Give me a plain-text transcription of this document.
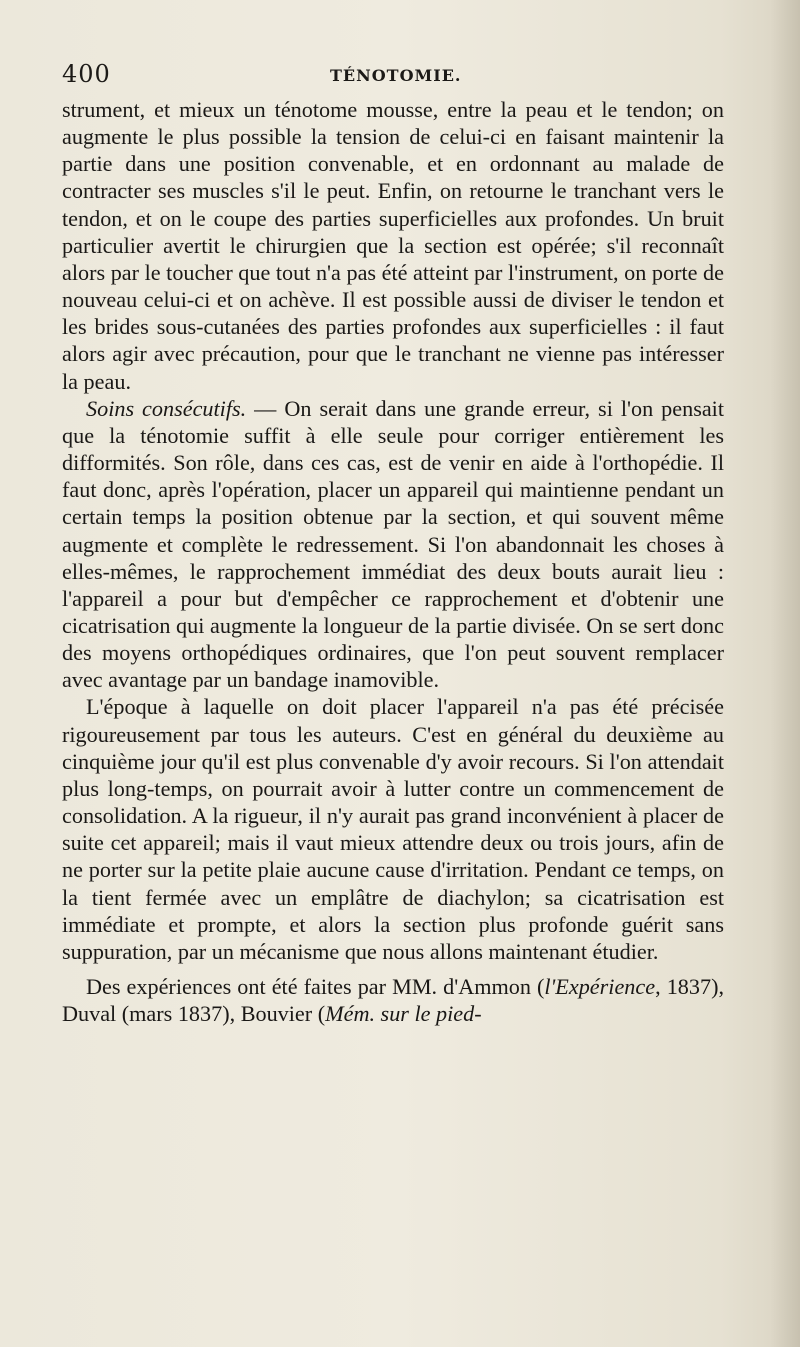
400	TÉNOTOMIE.

strument, et mieux un ténotome mousse, entre la peau et le tendon; on augmente le plus possible la tension de celui-ci en faisant maintenir la partie dans une position convenable, et en ordonnant au malade de contracter ses muscles s'il le peut. Enfin, on retourne le tranchant vers le tendon, et on le coupe des parties superficielles aux profondes. Un bruit particulier avertit le chirurgien que la section est opérée; s'il reconnaît alors par le toucher que tout n'a pas été atteint par l'instrument, on porte de nouveau celui-ci et on achève. Il est possible aussi de diviser le tendon et les brides sous-cutanées des parties profondes aux superficielles : il faut alors agir avec précaution, pour que le tranchant ne vienne pas intéresser la peau.

Soins consécutifs. — On serait dans une grande erreur, si l'on pensait que la ténotomie suffit à elle seule pour corriger entièrement les difformités. Son rôle, dans ces cas, est de venir en aide à l'orthopédie. Il faut donc, après l'opération, placer un appareil qui maintienne pendant un certain temps la position obtenue par la section, et qui souvent même augmente et complète le redressement. Si l'on abandonnait les choses à elles-mêmes, le rapprochement immédiat des deux bouts aurait lieu : l'appareil a pour but d'empêcher ce rapprochement et d'obtenir une cicatrisation qui augmente la longueur de la partie divisée. On se sert donc des moyens orthopédiques ordinaires, que l'on peut souvent remplacer avec avantage par un bandage inamovible.

L'époque à laquelle on doit placer l'appareil n'a pas été précisée rigoureusement par tous les auteurs. C'est en général du deuxième au cinquième jour qu'il est plus convenable d'y avoir recours. Si l'on attendait plus long-temps, on pourrait avoir à lutter contre un commencement de consolidation. A la rigueur, il n'y aurait pas grand inconvénient à placer de suite cet appareil; mais il vaut mieux attendre deux ou trois jours, afin de ne porter sur la petite plaie aucune cause d'irritation. Pendant ce temps, on la tient fermée avec un emplâtre de diachylon; sa cicatrisation est immédiate et prompte, et alors la section plus profonde guérit sans suppuration, par un mécanisme que nous allons maintenant étudier.

Des expériences ont été faites par MM. d'Ammon (l'Expérience, 1837), Duval (mars 1837), Bouvier (Mém. sur le pied-
